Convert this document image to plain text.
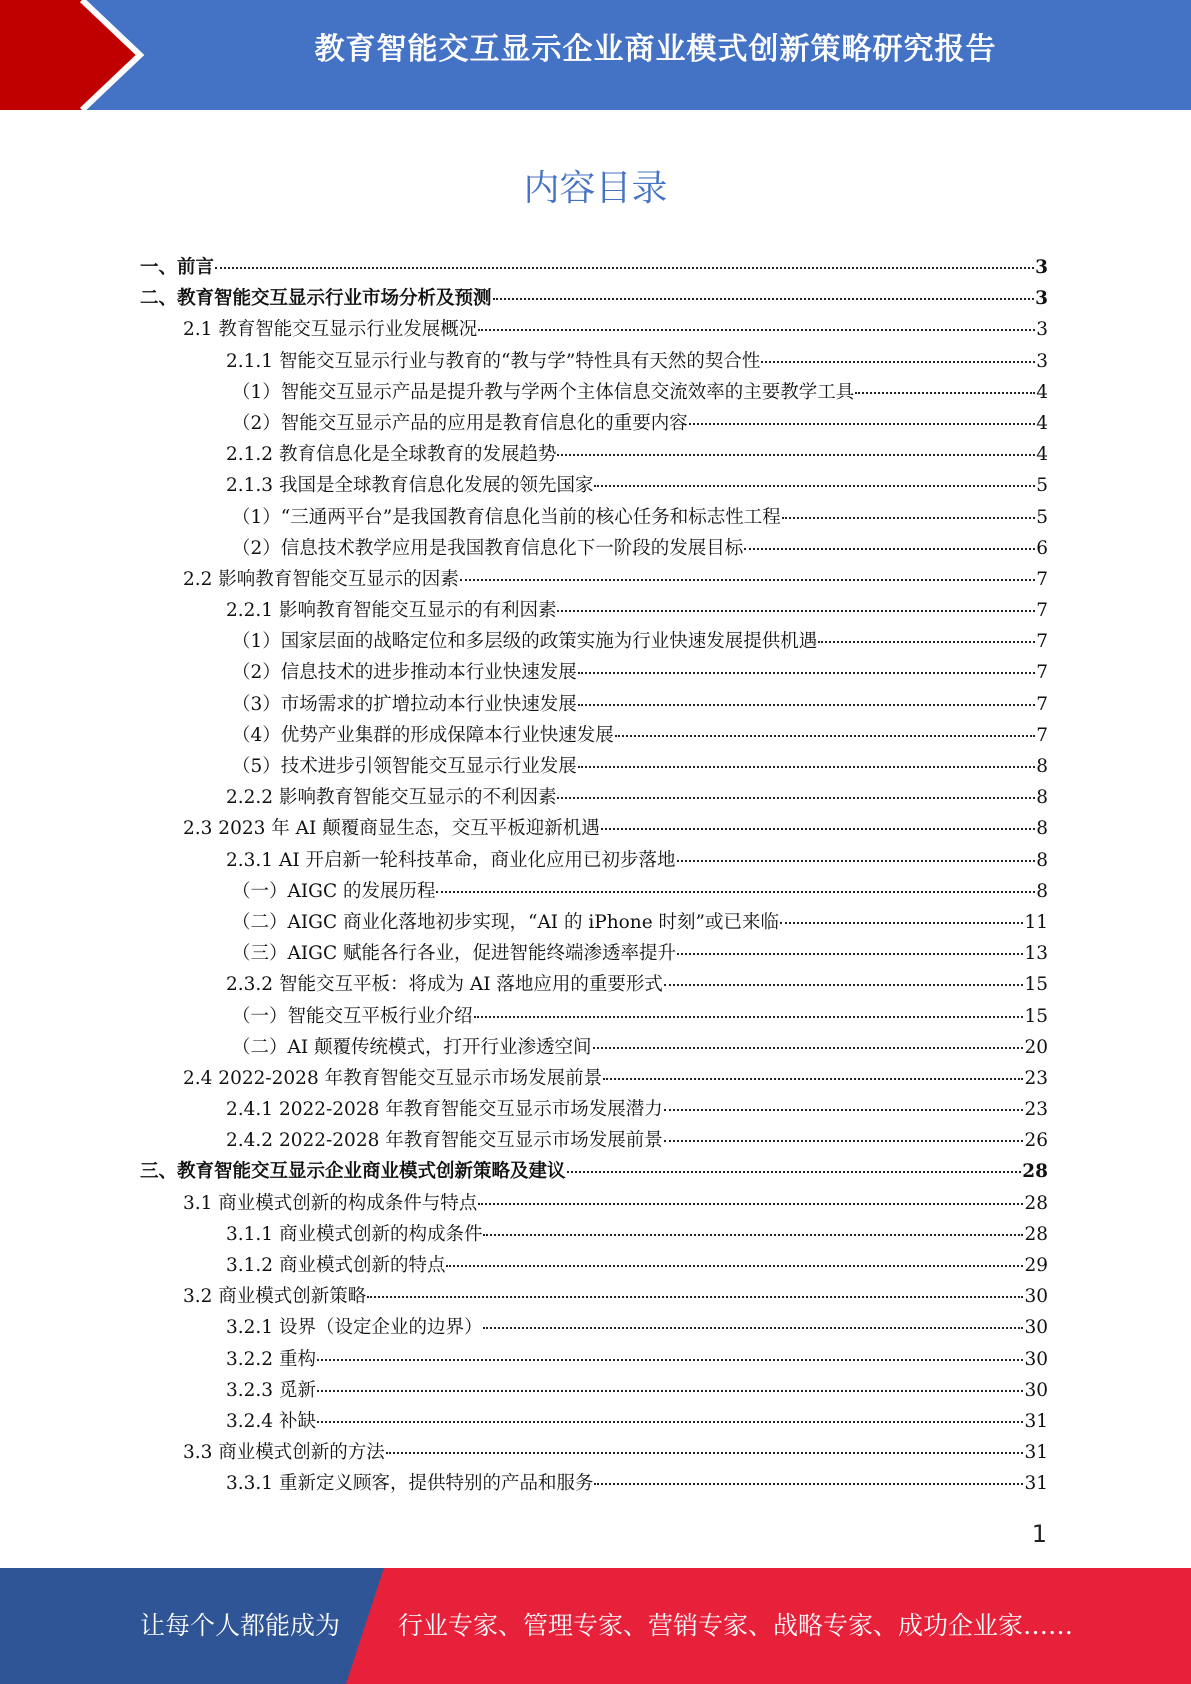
教育智能交互显示企业商业模式创新策略研究报告
内容目录
一、前言	3
二、教育智能交互显示行业市场分析及预测	3
2.1 教育智能交互显示行业发展概况	3
2.1.1 智能交互显示行业与教育的“教与学”特性具有天然的契合性	3
（1）智能交互显示产品是提升教与学两个主体信息交流效率的主要教学工具	4
（2）智能交互显示产品的应用是教育信息化的重要内容	4
2.1.2 教育信息化是全球教育的发展趋势	4
2.1.3 我国是全球教育信息化发展的领先国家	5
（1）“三通两平台”是我国教育信息化当前的核心任务和标志性工程	5
（2）信息技术教学应用是我国教育信息化下一阶段的发展目标	6
2.2 影响教育智能交互显示的因素	7
2.2.1 影响教育智能交互显示的有利因素	7
（1）国家层面的战略定位和多层级的政策实施为行业快速发展提供机遇	7
（2）信息技术的进步推动本行业快速发展	7
（3）市场需求的扩增拉动本行业快速发展	7
（4）优势产业集群的形成保障本行业快速发展	7
（5）技术进步引领智能交互显示行业发展	8
2.2.2 影响教育智能交互显示的不利因素	8
2.3 2023 年 AI 颠覆商显生态，交互平板迎新机遇	8
2.3.1 AI 开启新一轮科技革命，商业化应用已初步落地	8
（一）AIGC 的发展历程	8
（二）AIGC 商业化落地初步实现，“AI 的 iPhone 时刻”或已来临	11
（三）AIGC 赋能各行各业，促进智能终端渗透率提升	13
2.3.2 智能交互平板：将成为 AI 落地应用的重要形式	15
（一）智能交互平板行业介绍	15
（二）AI 颠覆传统模式，打开行业渗透空间	20
2.4 2022-2028 年教育智能交互显示市场发展前景	23
2.4.1 2022-2028 年教育智能交互显示市场发展潜力	23
2.4.2 2022-2028 年教育智能交互显示市场发展前景	26
三、教育智能交互显示企业商业模式创新策略及建议	28
3.1 商业模式创新的构成条件与特点	28
3.1.1 商业模式创新的构成条件	28
3.1.2 商业模式创新的特点	29
3.2 商业模式创新策略	30
3.2.1 设界（设定企业的边界）	30
3.2.2 重构	30
3.2.3 觅新	30
3.2.4 补缺	31
3.3 商业模式创新的方法	31
3.3.1 重新定义顾客，提供特别的产品和服务	31
1
让每个人都能成为 行业专家、管理专家、营销专家、战略专家、成功企业家……
